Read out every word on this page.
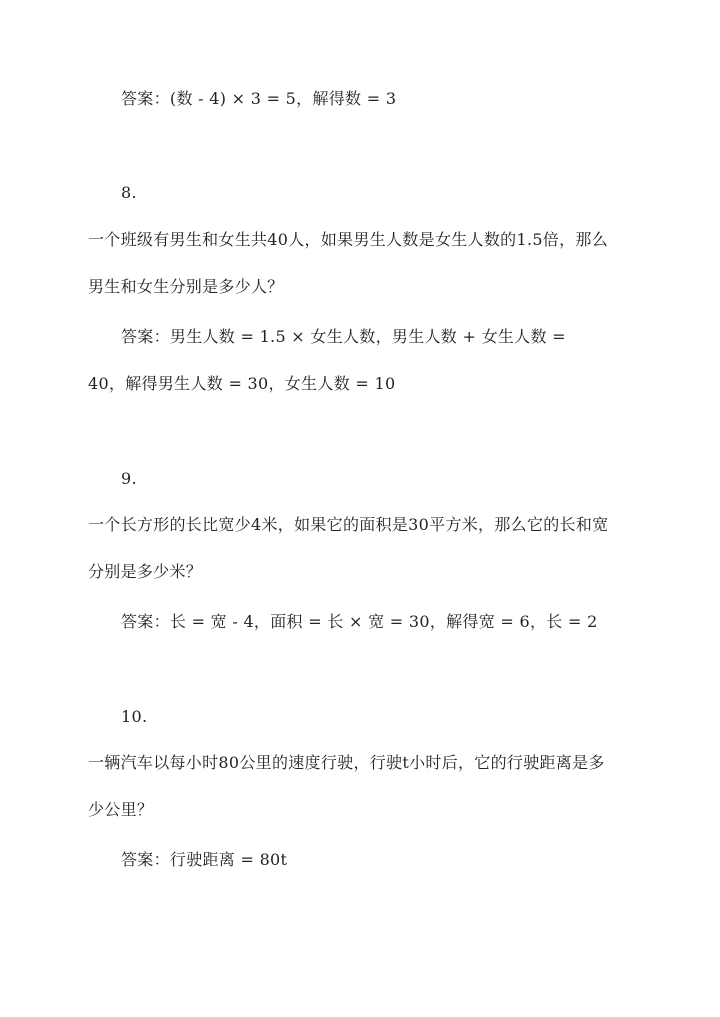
答案：(数 - 4) × 3 = 5，解得数 = 3

8.

一个班级有男生和女生共40人，如果男生人数是女生人数的1.5倍，那么

男生和女生分别是多少人？

答案：男生人数 = 1.5 × 女生人数，男生人数 + 女生人数 =

40，解得男生人数 = 30，女生人数 = 10

9.

一个长方形的长比宽少4米，如果它的面积是30平方米，那么它的长和宽

分别是多少米？

答案：长 = 宽 - 4，面积 = 长 × 宽 = 30，解得宽 = 6，长 = 2

10.

一辆汽车以每小时80公里的速度行驶，行驶t小时后，它的行驶距离是多

少公里？

答案：行驶距离 = 80t
